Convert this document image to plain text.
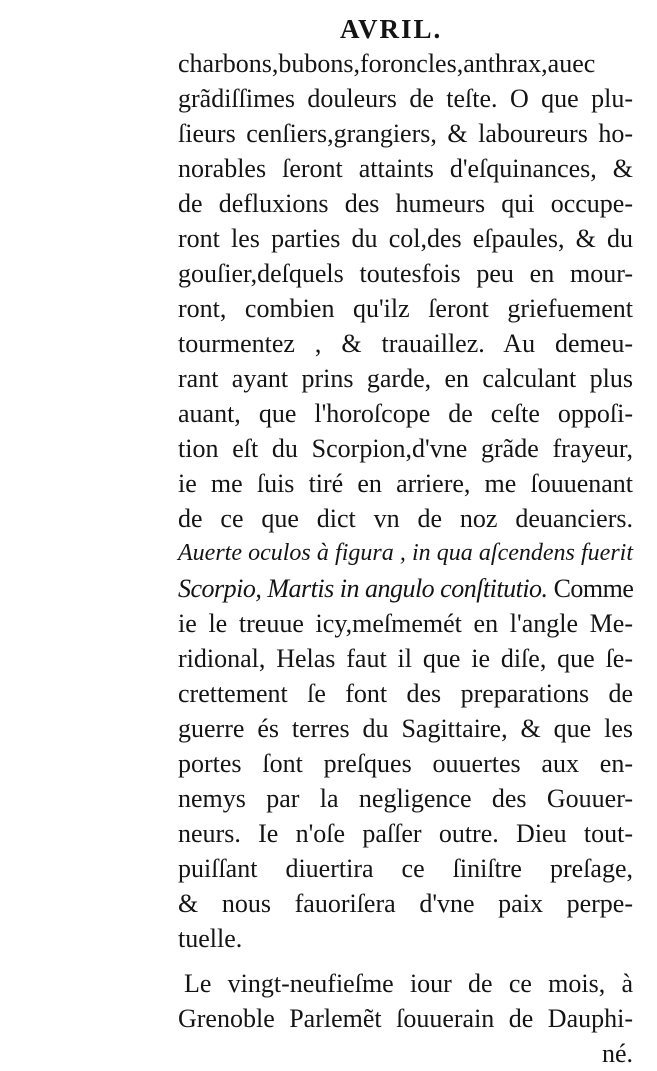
AVRIL.
charbons,bubons,foroncles,anthrax,auec
grãdiſſimes douleurs de teſte. O que plu-
ſieurs cenſiers,grangiers, & laboureurs ho-
norables ſeront attaints d'eſquinances, &
de defluxions des humeurs qui occupe-
ront les parties du col,des eſpaules, & du
gouſier,deſquels toutesfois peu en mour-
ront, combien qu'ilz ſeront grief‍uement
tourmentez , & trauaillez. Au demeu-
rant ayant prins garde, en calculant plus
auant, que l'horoſcope de ceſte oppoſi-
tion eſt du Scorpion,d'vne grãde frayeur,
ie me ſuis tiré en arriere, me ſouuenant
de ce que dict vn de noz deuanciers.
Auerte oculos à figura , in qua aſcendens fuerit
Scorpio, Martis in angulo conſtitutio. Comme
ie le treuue icy,meſmemét en l'angle Me-
ridional, Helas faut il que ie diſe, que ſe-
crettement ſe font des preparations de
guerre és terres du Sagittaire, & que les
portes ſont preſques ouuertes aux en-
nemys par la negligence des Gouuer-
neurs. Ie n'oſe paſſer outre. Dieu tout-
puiſſant diuertira ce ſiniſtre preſage,
& nous fauoriſera d'vne paix perpe-
tuelle.
Le vingt-neufieſme iour de ce mois, à
Grenoble Parlemẽt ſouuerain de Dauphi-
né.
